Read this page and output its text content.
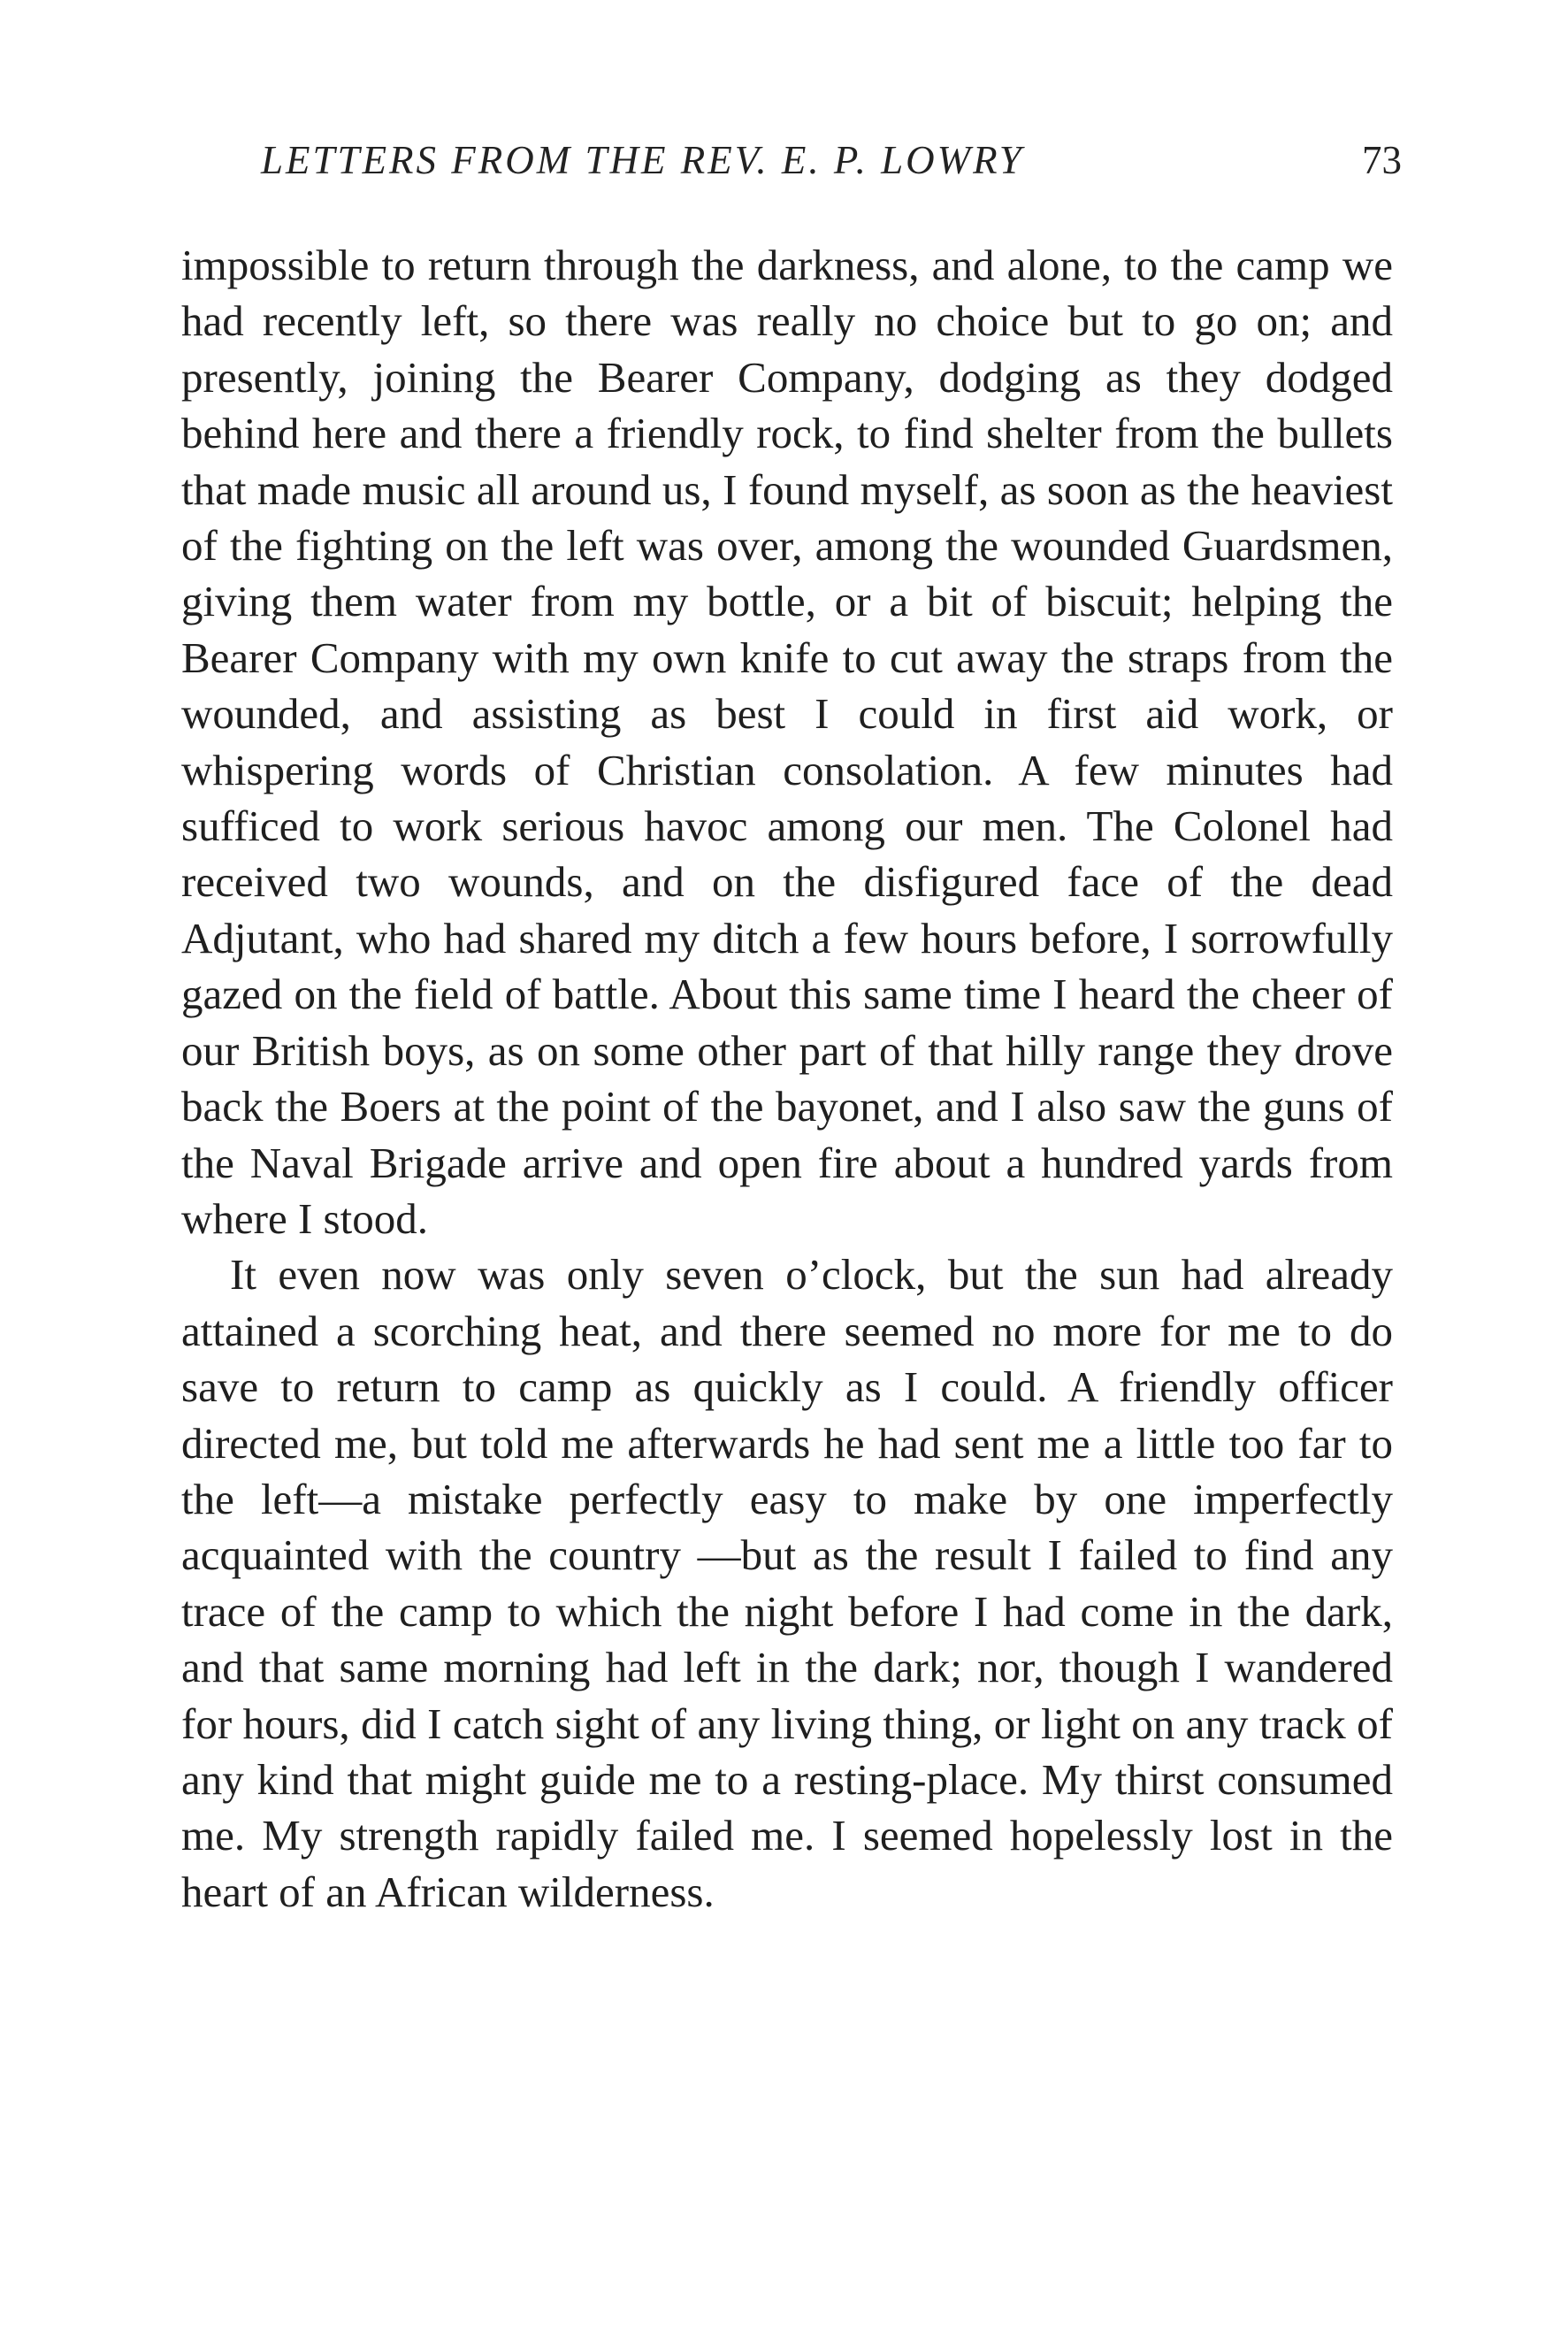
LETTERS FROM THE REV. E. P. LOWRY	73

impossible to return through the darkness, and alone, to the camp we had recently left, so there was really no choice but to go on; and presently, joining the Bearer Company, dodging as they dodged behind here and there a friendly rock, to find shelter from the bullets that made music all around us, I found myself, as soon as the heaviest of the fighting on the left was over, among the wounded Guardsmen, giving them water from my bottle, or a bit of biscuit; helping the Bearer Company with my own knife to cut away the straps from the wounded, and assisting as best I could in first aid work, or whispering words of Christian consolation. A few minutes had sufficed to work serious havoc among our men. The Colonel had received two wounds, and on the disfigured face of the dead Adjutant, who had shared my ditch a few hours before, I sorrowfully gazed on the field of battle. About this same time I heard the cheer of our British boys, as on some other part of that hilly range they drove back the Boers at the point of the bayonet, and I also saw the guns of the Naval Brigade arrive and open fire about a hundred yards from where I stood.

It even now was only seven o’clock, but the sun had already attained a scorching heat, and there seemed no more for me to do save to return to camp as quickly as I could. A friendly officer directed me, but told me afterwards he had sent me a little too far to the left—a mistake perfectly easy to make by one imperfectly acquainted with the country —but as the result I failed to find any trace of the camp to which the night before I had come in the dark, and that same morning had left in the dark; nor, though I wandered for hours, did I catch sight of any living thing, or light on any track of any kind that might guide me to a resting-place. My thirst consumed me. My strength rapidly failed me. I seemed hopelessly lost in the heart of an African wilderness.
